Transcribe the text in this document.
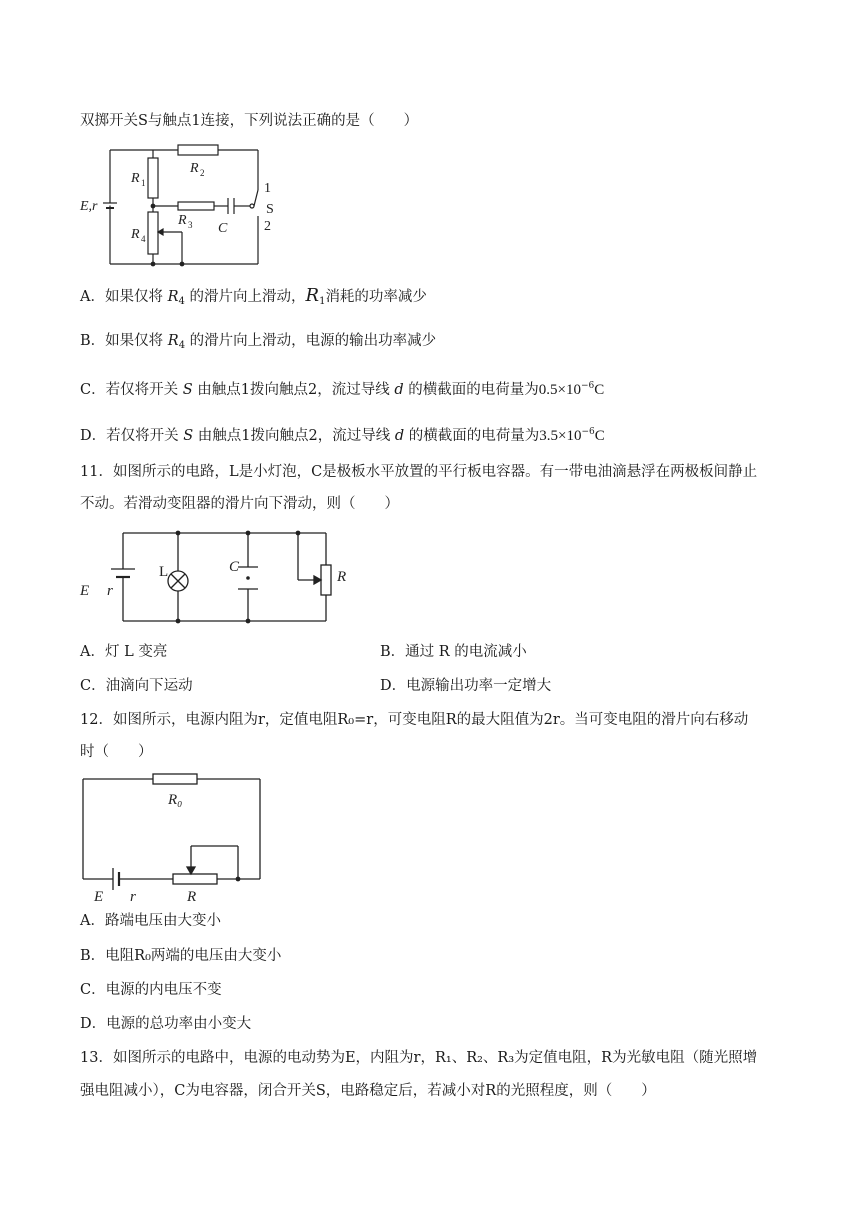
双掷开关S与触点1连接，下列说法正确的是（　　）
E,r
R 1
R 2
R 3
R 4
C
1
S
2
A．如果仅将 $R_4$ 的滑片向上滑动，$R_1$消耗的功率减少
B．如果仅将 $R_4$ 的滑片向上滑动，电源的输出功率减少
C．若仅将开关 S 由触点1拨向触点2，流过导线 d 的横截面的电荷量为$0.5\times 10^{-6}C$
D．若仅将开关 S 由触点1拨向触点2，流过导线 d 的横截面的电荷量为$3.5\times 10^{-6}C$
11．如图所示的电路，L是小灯泡，C是极板水平放置的平行板电容器。有一带电油滴悬浮在两极板间静止
不动。若滑动变阻器的滑片向下滑动，则（　　）
E r
L	C
R
A．灯 L 变亮	B．通过 R 的电流减小
C．油滴向下运动	D．电源输出功率一定增大
12．如图所示，电源内阻为r，定值电阻R₀=r，可变电阻R的最大阻值为2r。当可变电阻的滑片向右移动
时（　　）
R₀
E r	R
A．路端电压由大变小
B．电阻R₀两端的电压由大变小
C．电源的内电压不变
D．电源的总功率由小变大
13．如图所示的电路中，电源的电动势为E，内阻为r，R₁、R₂、R₃为定值电阻，R为光敏电阻（随光照增
强电阻减小），C为电容器，闭合开关S，电路稳定后，若减小对R的光照程度，则（　　）
